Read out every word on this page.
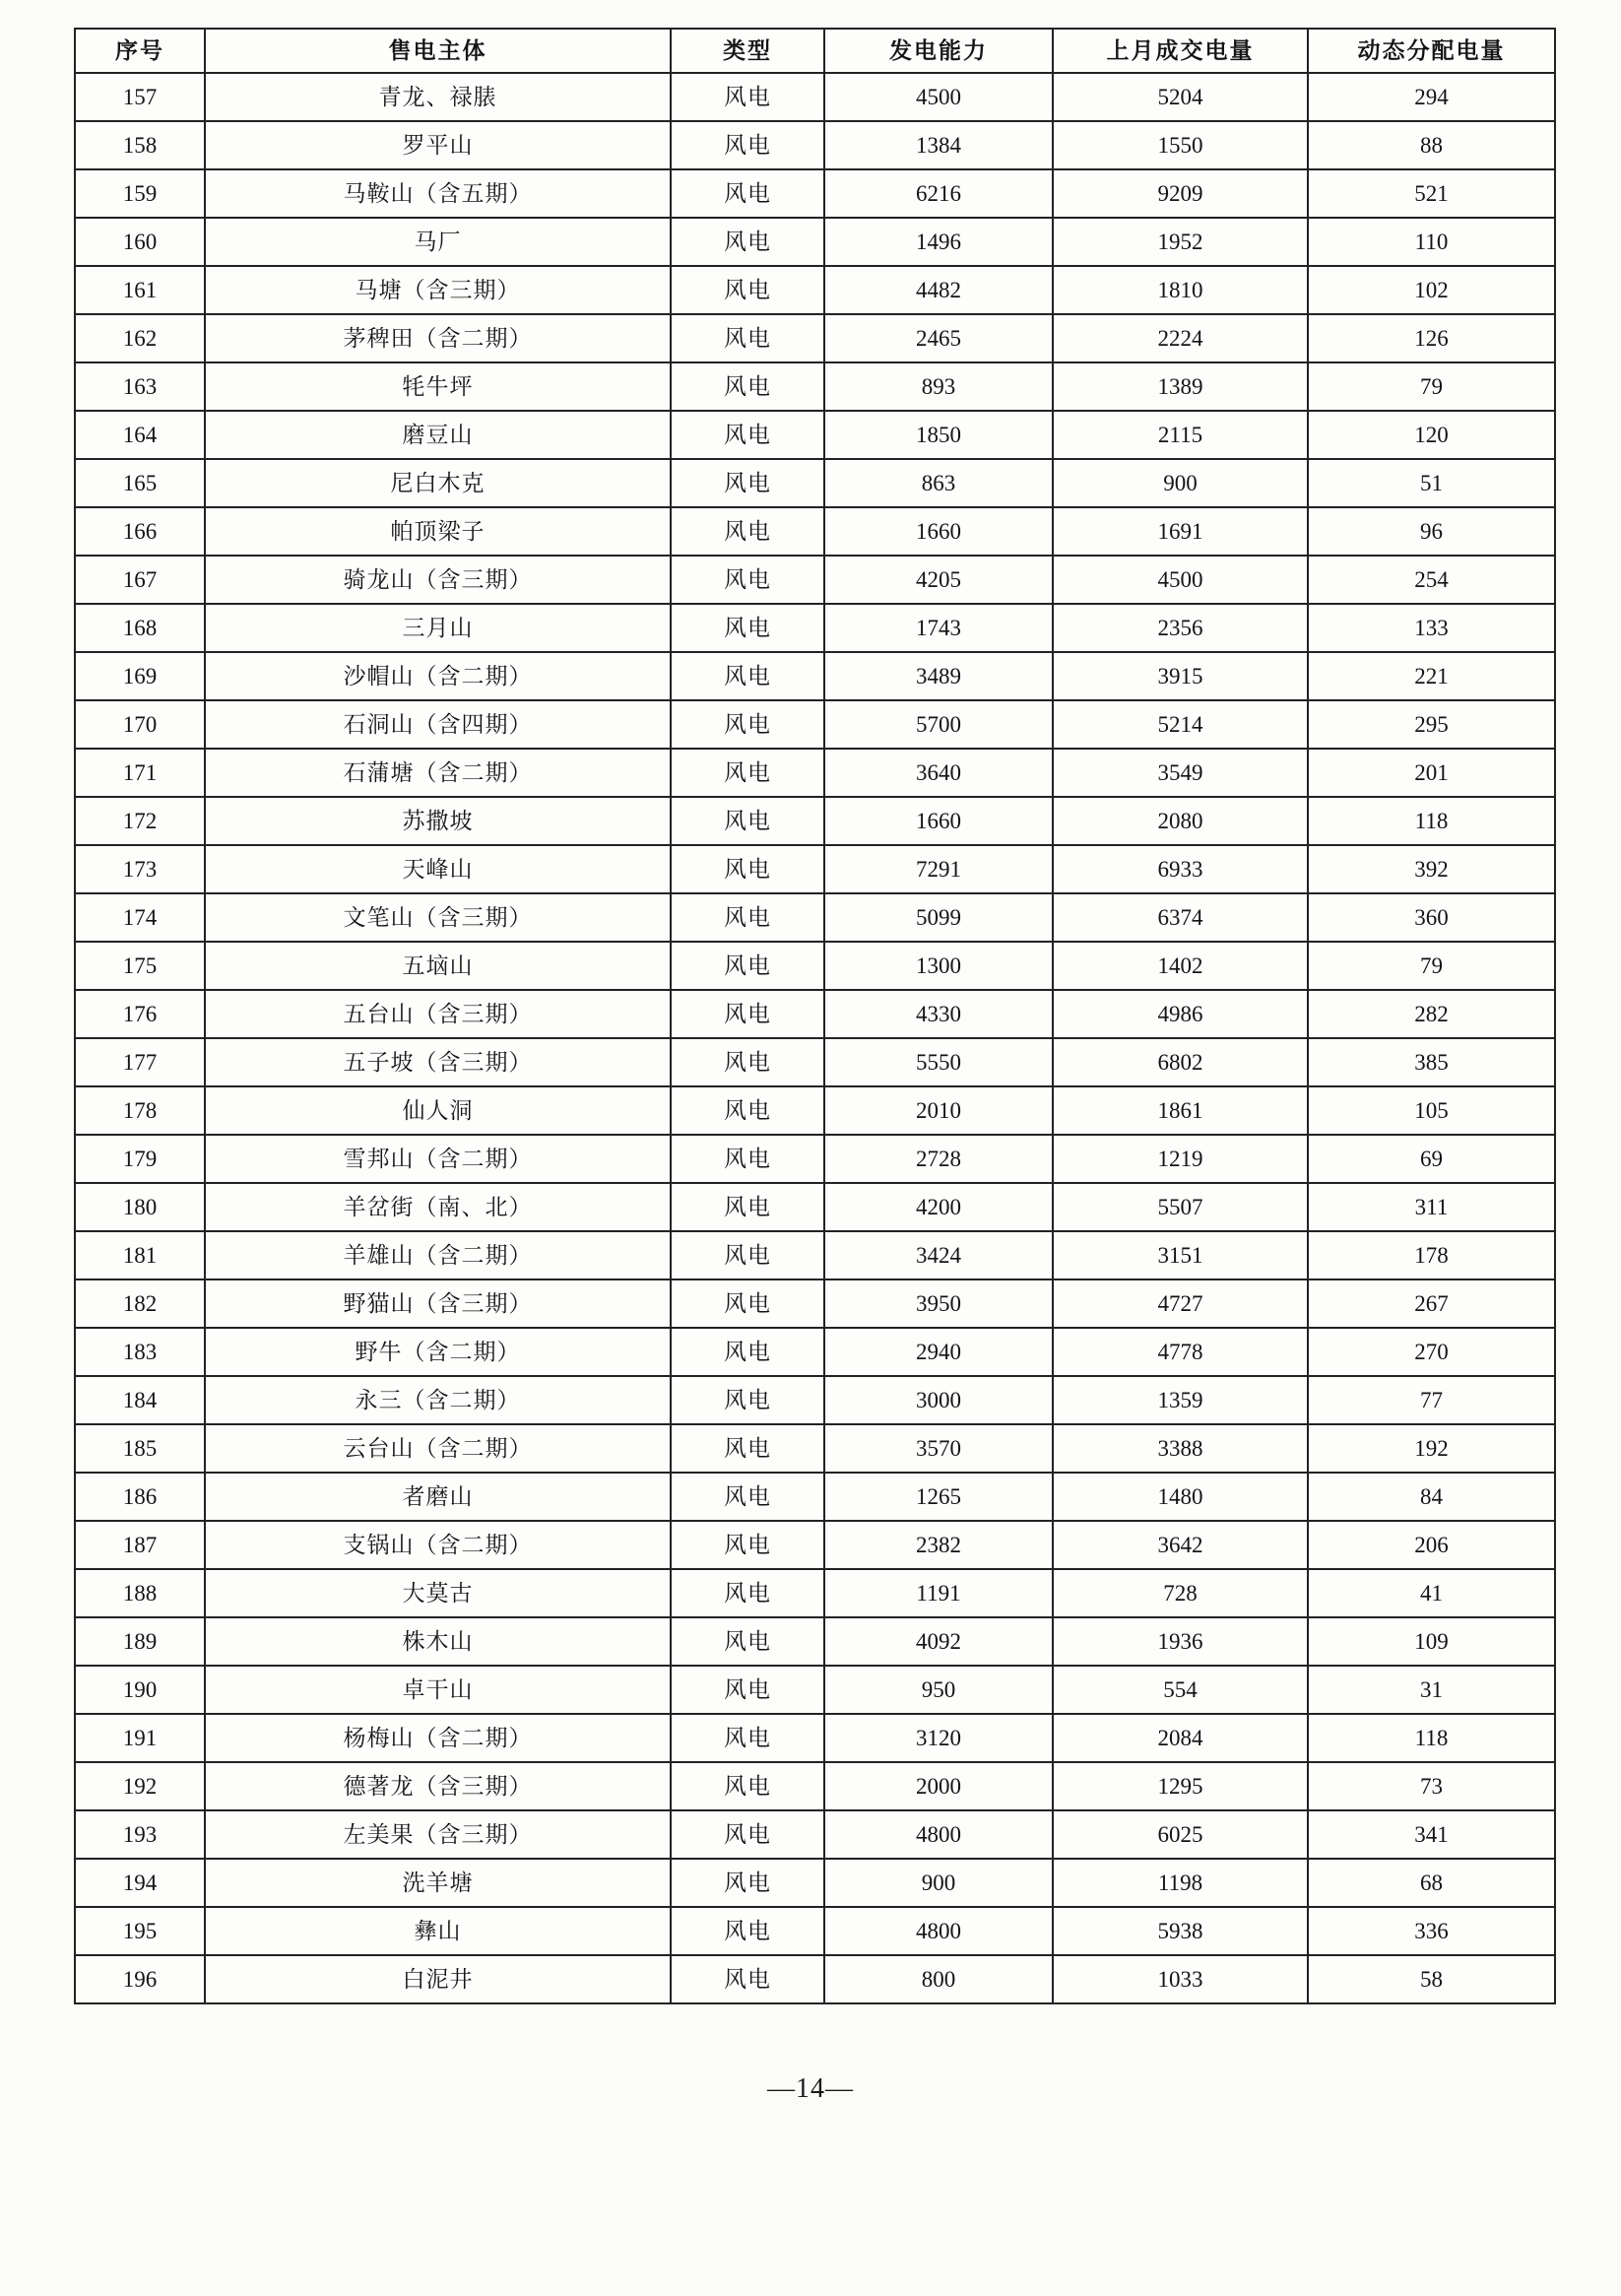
序号	售电主体	类型	发电能力	上月成交电量	动态分配电量
157	青龙、禄脿	风电	4500	5204	294
158	罗平山	风电	1384	1550	88
159	马鞍山（含五期）	风电	6216	9209	521
160	马厂	风电	1496	1952	110
161	马塘（含三期）	风电	4482	1810	102
162	茅稗田（含二期）	风电	2465	2224	126
163	牦牛坪	风电	893	1389	79
164	磨豆山	风电	1850	2115	120
165	尼白木克	风电	863	900	51
166	帕顶梁子	风电	1660	1691	96
167	骑龙山（含三期）	风电	4205	4500	254
168	三月山	风电	1743	2356	133
169	沙帽山（含二期）	风电	3489	3915	221
170	石洞山（含四期）	风电	5700	5214	295
171	石蒲塘（含二期）	风电	3640	3549	201
172	苏撒坡	风电	1660	2080	118
173	天峰山	风电	7291	6933	392
174	文笔山（含三期）	风电	5099	6374	360
175	五垴山	风电	1300	1402	79
176	五台山（含三期）	风电	4330	4986	282
177	五子坡（含三期）	风电	5550	6802	385
178	仙人洞	风电	2010	1861	105
179	雪邦山（含二期）	风电	2728	1219	69
180	羊岔街（南、北）	风电	4200	5507	311
181	羊雄山（含二期）	风电	3424	3151	178
182	野猫山（含三期）	风电	3950	4727	267
183	野牛（含二期）	风电	2940	4778	270
184	永三（含二期）	风电	3000	1359	77
185	云台山（含二期）	风电	3570	3388	192
186	者磨山	风电	1265	1480	84
187	支锅山（含二期）	风电	2382	3642	206
188	大莫古	风电	1191	728	41
189	株木山	风电	4092	1936	109
190	卓干山	风电	950	554	31
191	杨梅山（含二期）	风电	3120	2084	118
192	德著龙（含三期）	风电	2000	1295	73
193	左美果（含三期）	风电	4800	6025	341
194	洗羊塘	风电	900	1198	68
195	彝山	风电	4800	5938	336
196	白泥井	风电	800	1033	58
—14—
